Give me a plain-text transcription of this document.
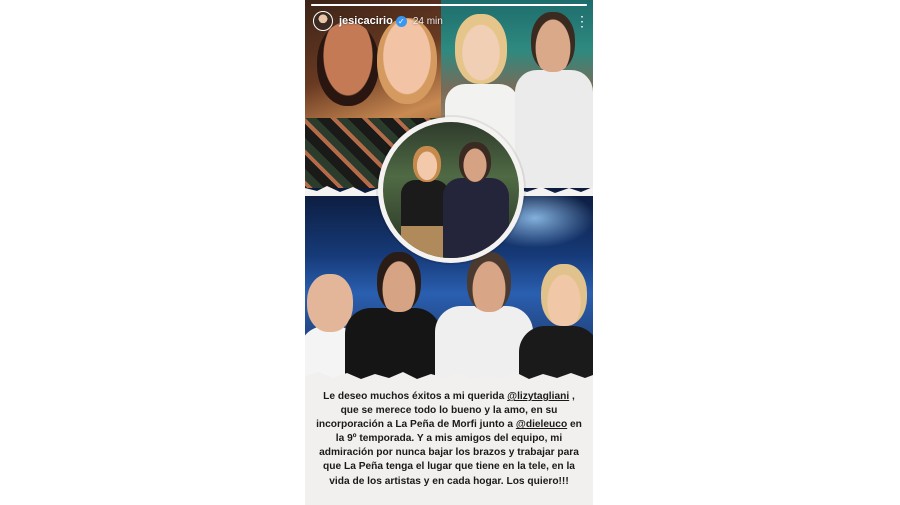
jesicacirio ✓ 24 min	⋮
Le deseo muchos éxitos a mi querida @lizytagliani , que se merece todo lo bueno y la amo, en su incorporación a La Peña de Morfi junto a @dieleuco en la 9º temporada. Y a mis amigos del equipo, mi admiración por nunca bajar los brazos y trabajar para que La Peña tenga el lugar que tiene en la tele, en la vida de los artistas y en cada hogar. Los quiero!!!
